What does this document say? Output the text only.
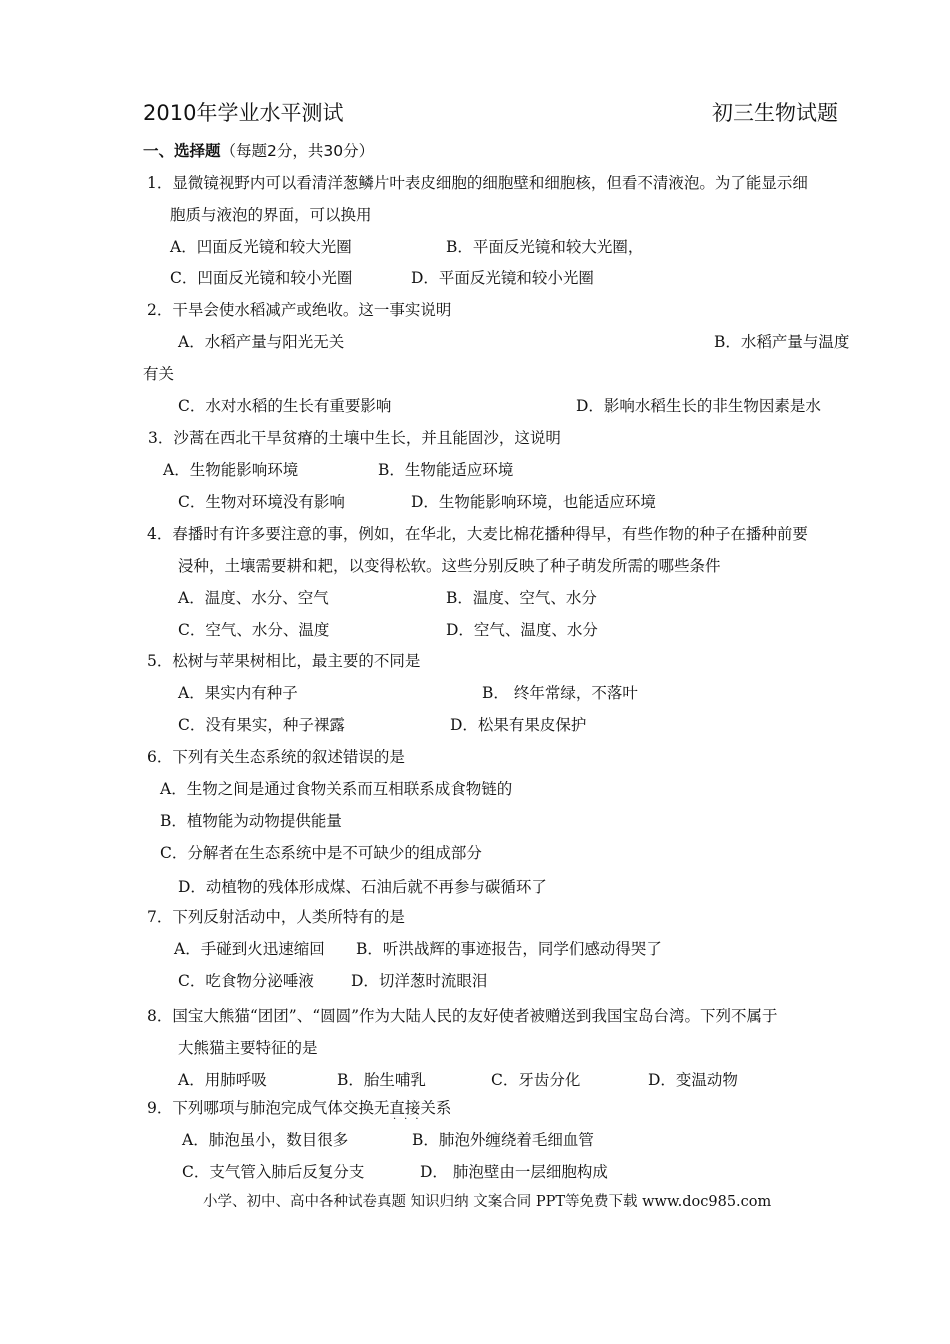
2010年学业水平测试	初三生物试题
一、选择题（每题2分，共30分）
1．显微镜视野内可以看清洋葱鳞片叶表皮细胞的细胞壁和细胞核，但看不清液泡。为了能显示细
胞质与液泡的界面，可以换用
A．凹面反光镜和较大光圈	B．平面反光镜和较大光圈，
C．凹面反光镜和较小光圈	D．平面反光镜和较小光圈
2．干旱会使水稻减产或绝收。这一事实说明
A．水稻产量与阳光无关	B．水稻产量与温度
有关
C．水对水稻的生长有重要影响	D．影响水稻生长的非生物因素是水
3．沙蒿在西北干旱贫瘠的土壤中生长，并且能固沙，这说明
A．生物能影响环境	B．生物能适应环境
C．生物对环境没有影响	D．生物能影响环境，也能适应环境
4．春播时有许多要注意的事，例如，在华北，大麦比棉花播种得早，有些作物的种子在播种前要
浸种，土壤需要耕和耙，以变得松软。这些分别反映了种子萌发所需的哪些条件
A．温度、水分、空气	B．温度、空气、水分
C．空气、水分、温度	D．空气、温度、水分
5．松树与苹果树相比，最主要的不同是
A．果实内有种子	B． 终年常绿，不落叶
C．没有果实，种子裸露	D．松果有果皮保护
6．下列有关生态系统的叙述错误的是
A．生物之间是通过食物关系而互相联系成食物链的
B．植物能为动物提供能量
C．分解者在生态系统中是不可缺少的组成部分
D．动植物的残体形成煤、石油后就不再参与碳循环了
7．下列反射活动中，人类所特有的是
A．手碰到火迅速缩回 B．听洪战辉的事迹报告，同学们感动得哭了
C．吃食物分泌唾液 D．切洋葱时流眼泪
8．国宝大熊猫“团团”、“圆圆”作为大陆人民的友好使者被赠送到我国宝岛台湾。下列不属于
大熊猫主要特征的是
A．用肺呼吸	B．胎生哺乳	C．牙齿分化	D．变温动物
9．下列哪项与肺泡完成气体交换无直接关系
···
A．肺泡虽小，数目很多	B．肺泡外缠绕着毛细血管
C．支气管入肺后反复分支	D． 肺泡壁由一层细胞构成
小学、初中、高中各种试卷真题 知识归纳 文案合同 PPT等免费下载 www.doc985.com
